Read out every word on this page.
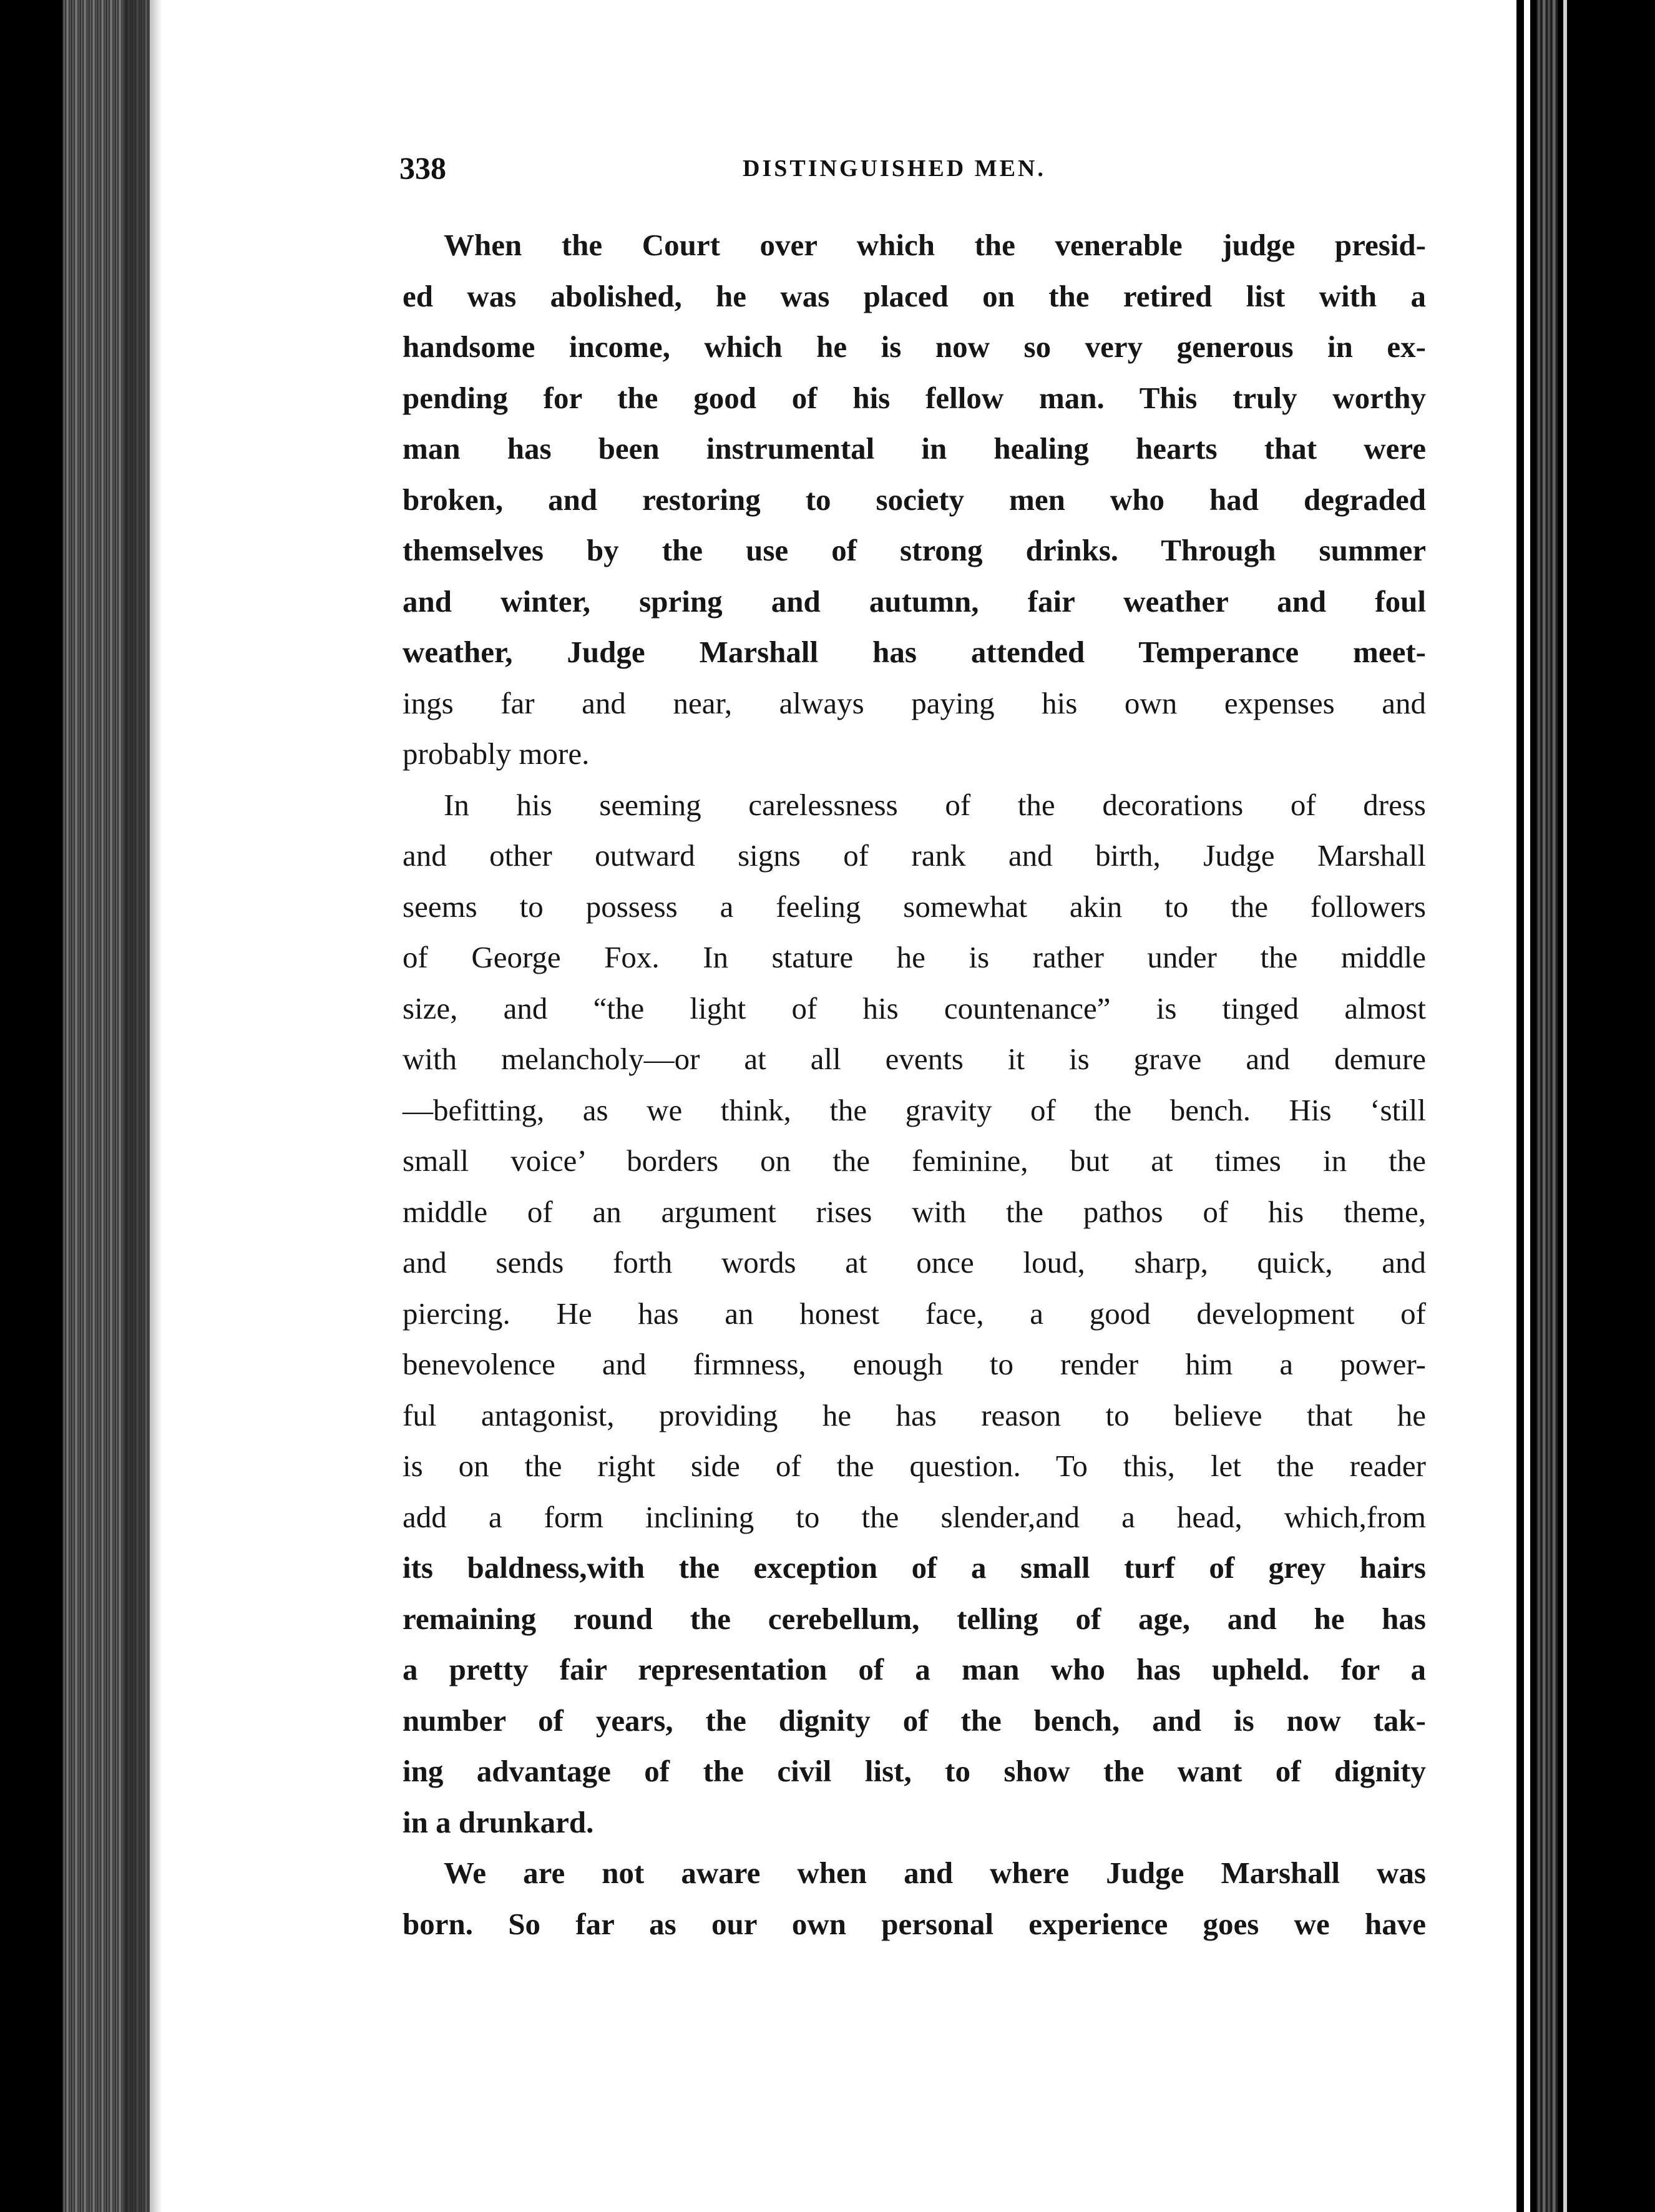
338	DISTINGUISHED MEN.
When the Court over which the venerable judge presid-
ed was abolished, he was placed on the retired list with a
handsome income, which he is now so very generous in ex-
pending for the good of his fellow man. This truly worthy
man has been instrumental in healing hearts that were
broken, and restoring to society men who had degraded
themselves by the use of strong drinks. Through summer
and winter, spring and autumn, fair weather and foul
weather, Judge Marshall has attended Temperance meet-
ings far and near, always paying his own expenses and
probably more.
In his seeming carelessness of the decorations of dress
and other outward signs of rank and birth, Judge Marshall
seems to possess a feeling somewhat akin to the followers
of George Fox. In stature he is rather under the middle
size, and “the light of his countenance” is tinged almost
with melancholy—or at all events it is grave and demure
—befitting, as we think, the gravity of the bench. His ‘still
small voice’ borders on the feminine, but at times in the
middle of an argument rises with the pathos of his theme,
and sends forth words at once loud, sharp, quick, and
piercing. He has an honest face, a good development of
benevolence and firmness, enough to render him a power-
ful antagonist, providing he has reason to believe that he
is on the right side of the question. To this, let the reader
add a form inclining to the slender,and a head, which,from
its baldness,with the exception of a small turf of grey hairs
remaining round the cerebellum, telling of age, and he has
a pretty fair representation of a man who has upheld. for a
number of years, the dignity of the bench, and is now tak-
ing advantage of the civil list, to show the want of dignity
in a drunkard.
We are not aware when and where Judge Marshall was
born. So far as our own personal experience goes we have
